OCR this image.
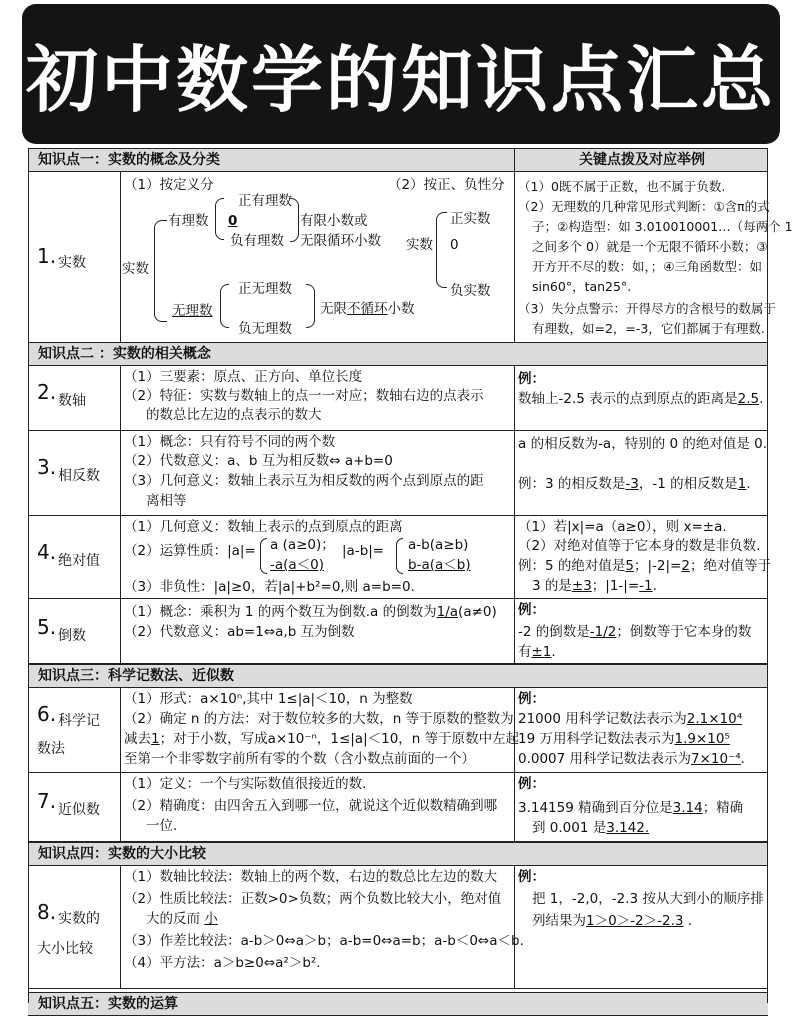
初中数学的知识点汇总
知识点一：实数的概念及分类	关键点拨及对应举例
1. 实数
（1）按定义分	（2）按正、负性分
实数
有理数 0
正有理数
负有理数
有限小数或
无限循环小数
无理数
正无理数
负无理数
无限不循环小数
实数
正实数
0
负实数
（1）0既不属于正数，也不属于负数.
（2）无理数的几种常见形式判断：①含π的式
子；②构造型：如 3.010010001…（每两个 1
之间多个 0）就是一个无限不循环小数；③
开方开不尽的数：如，；④三角函数型：如
sin60°，tan25°.
（3）失分点警示：开得尽方的含根号的数属于
有理数，如=2，=-3，它们都属于有理数.
知识点二 ：实数的相关概念
2. 数轴
（1）三要素：原点、正方向、单位长度
（2）特征：实数与数轴上的点一一对应；数轴右边的点表示
的数总比左边的点表示的数大
例：
数轴上-2.5 表示的点到原点的距离是2.5.
3. 相反数
（1）概念：只有符号不同的两个数
（2）代数意义：a、b 互为相反数⇔ a+b=0
（3）几何意义：数轴上表示互为相反数的两个点到原点的距
离相等
a 的相反数为-a，特别的 0 的绝对值是 0.
例：3 的相反数是-3，-1 的相反数是1.
4. 绝对值
（1）几何意义：数轴上表示的点到原点的距离
（2）运算性质：|a|= a (a≥0)；
-a(a＜0)
|a-b|= a-b(a≥b)
b-a(a＜b)
（3）非负性：|a|≥0，若|a|+b²=0,则 a=b=0.
（1）若|x|=a（a≥0），则 x=±a.
（2）对绝对值等于它本身的数是非负数.
例：5 的绝对值是5；|-2|=2；绝对值等于
3 的是±3；|1-|=-1.
5. 倒数
（1）概念：乘积为 1 的两个数互为倒数.a 的倒数为1/a(a≠0)
（2）代数意义：ab=1⇔a,b 互为倒数
例：
-2 的倒数是-1/2；倒数等于它本身的数
有±1.
知识点三：科学记数法、近似数
6. 科学记
数法
（1）形式：a×10ⁿ,其中 1≤|a|＜10，n 为整数
（2）确定 n 的方法：对于数位较多的大数，n 等于原数的整数为
减去1；对于小数，写成a×10⁻ⁿ，1≤|a|＜10，n 等于原数中左起
至第一个非零数字前所有零的个数（含小数点前面的一个）
例：
21000 用科学记数法表示为2.1×10⁴
19 万用科学记数法表示为1.9×10⁵
0.0007 用科学记数法表示为7×10⁻⁴.
7. 近似数
（1）定义：一个与实际数值很接近的数.
（2）精确度：由四舍五入到哪一位，就说这个近似数精确到哪
一位.
例：
3.14159 精确到百分位是3.14；精确
到 0.001 是3.142.
知识点四：实数的大小比较
8. 实数的
大小比较
（1）数轴比较法：数轴上的两个数，右边的数总比左边的数大
（2）性质比较法：正数>0>负数；两个负数比较大小，绝对值
大的反而 小
（3）作差比较法：a-b＞0⇔a＞b；a-b=0⇔a=b；a-b＜0⇔a＜b.
（4）平方法：a＞b≥0⇔a²＞b².
例：
把 1，-2,0，-2.3 按从大到小的顺序排
列结果为1＞0＞-2＞-2.3 .
知识点五：实数的运算
